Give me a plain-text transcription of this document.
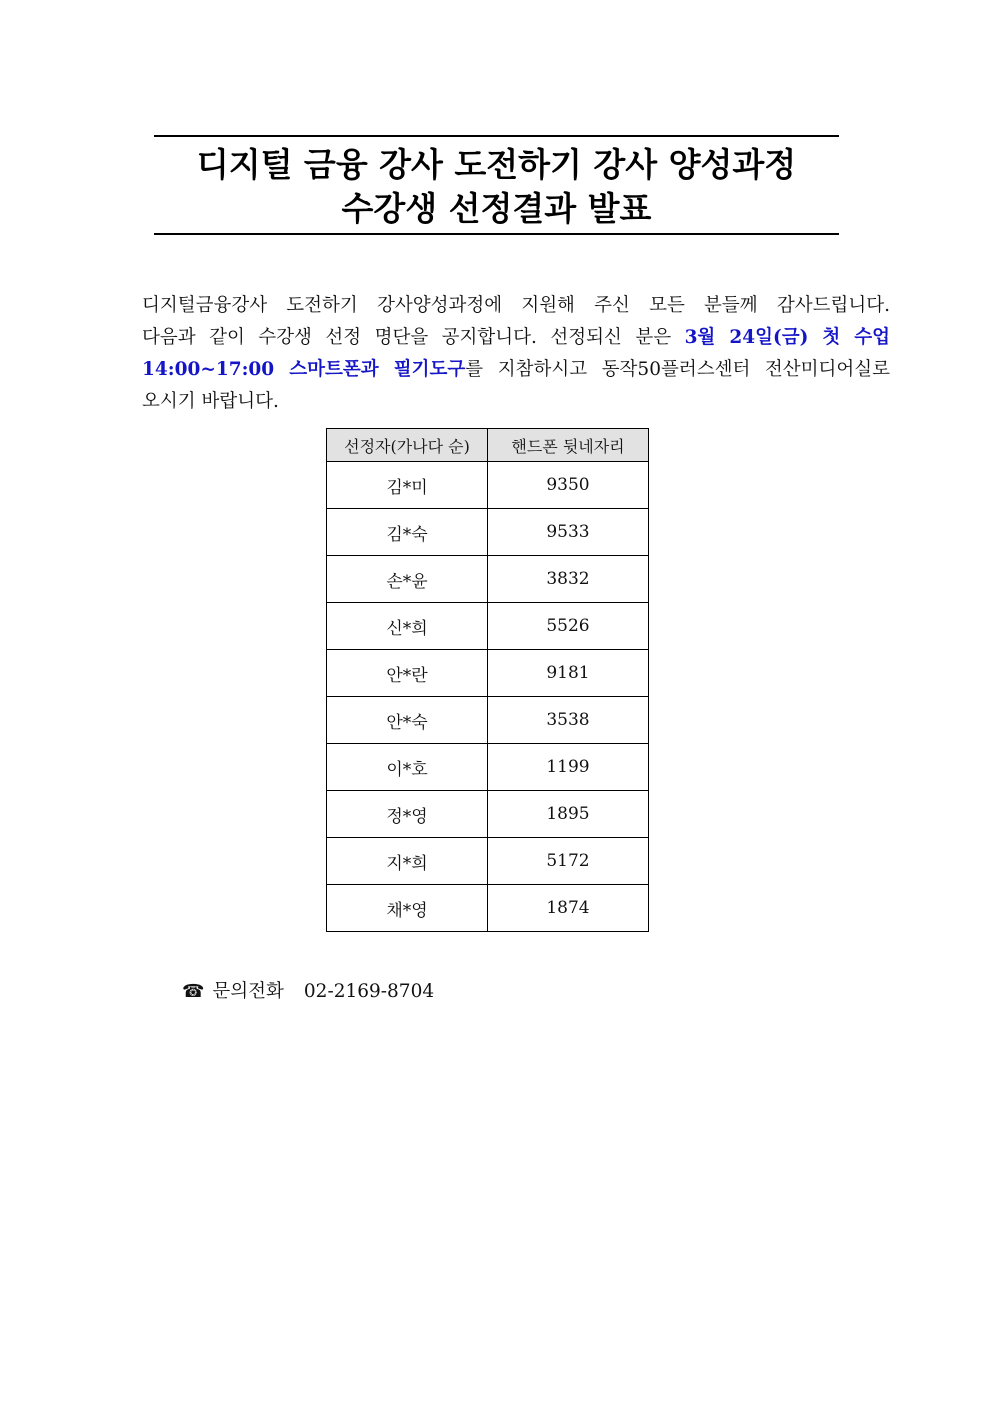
디지털 금융 강사 도전하기 강사 양성과정
수강생 선정결과 발표
디지털금융강사 도전하기 강사양성과정에 지원해 주신 모든 분들께 감사드립니다.
다음과 같이 수강생 선정 명단을 공지합니다. 선정되신 분은 3월 24일(금) 첫 수업
14:00~17:00 스마트폰과 필기도구를 지참하시고 동작50플러스센터 전산미디어실로
오시기 바랍니다.
선정자(가나다 순)	핸드폰 뒷네자리
김*미	9350
김*숙	9533
손*윤	3832
신*희	5526
안*란	9181
안*숙	3538
이*호	1199
정*영	1895
지*희	5172
채*영	1874
☎ 문의전화 02-2169-8704
